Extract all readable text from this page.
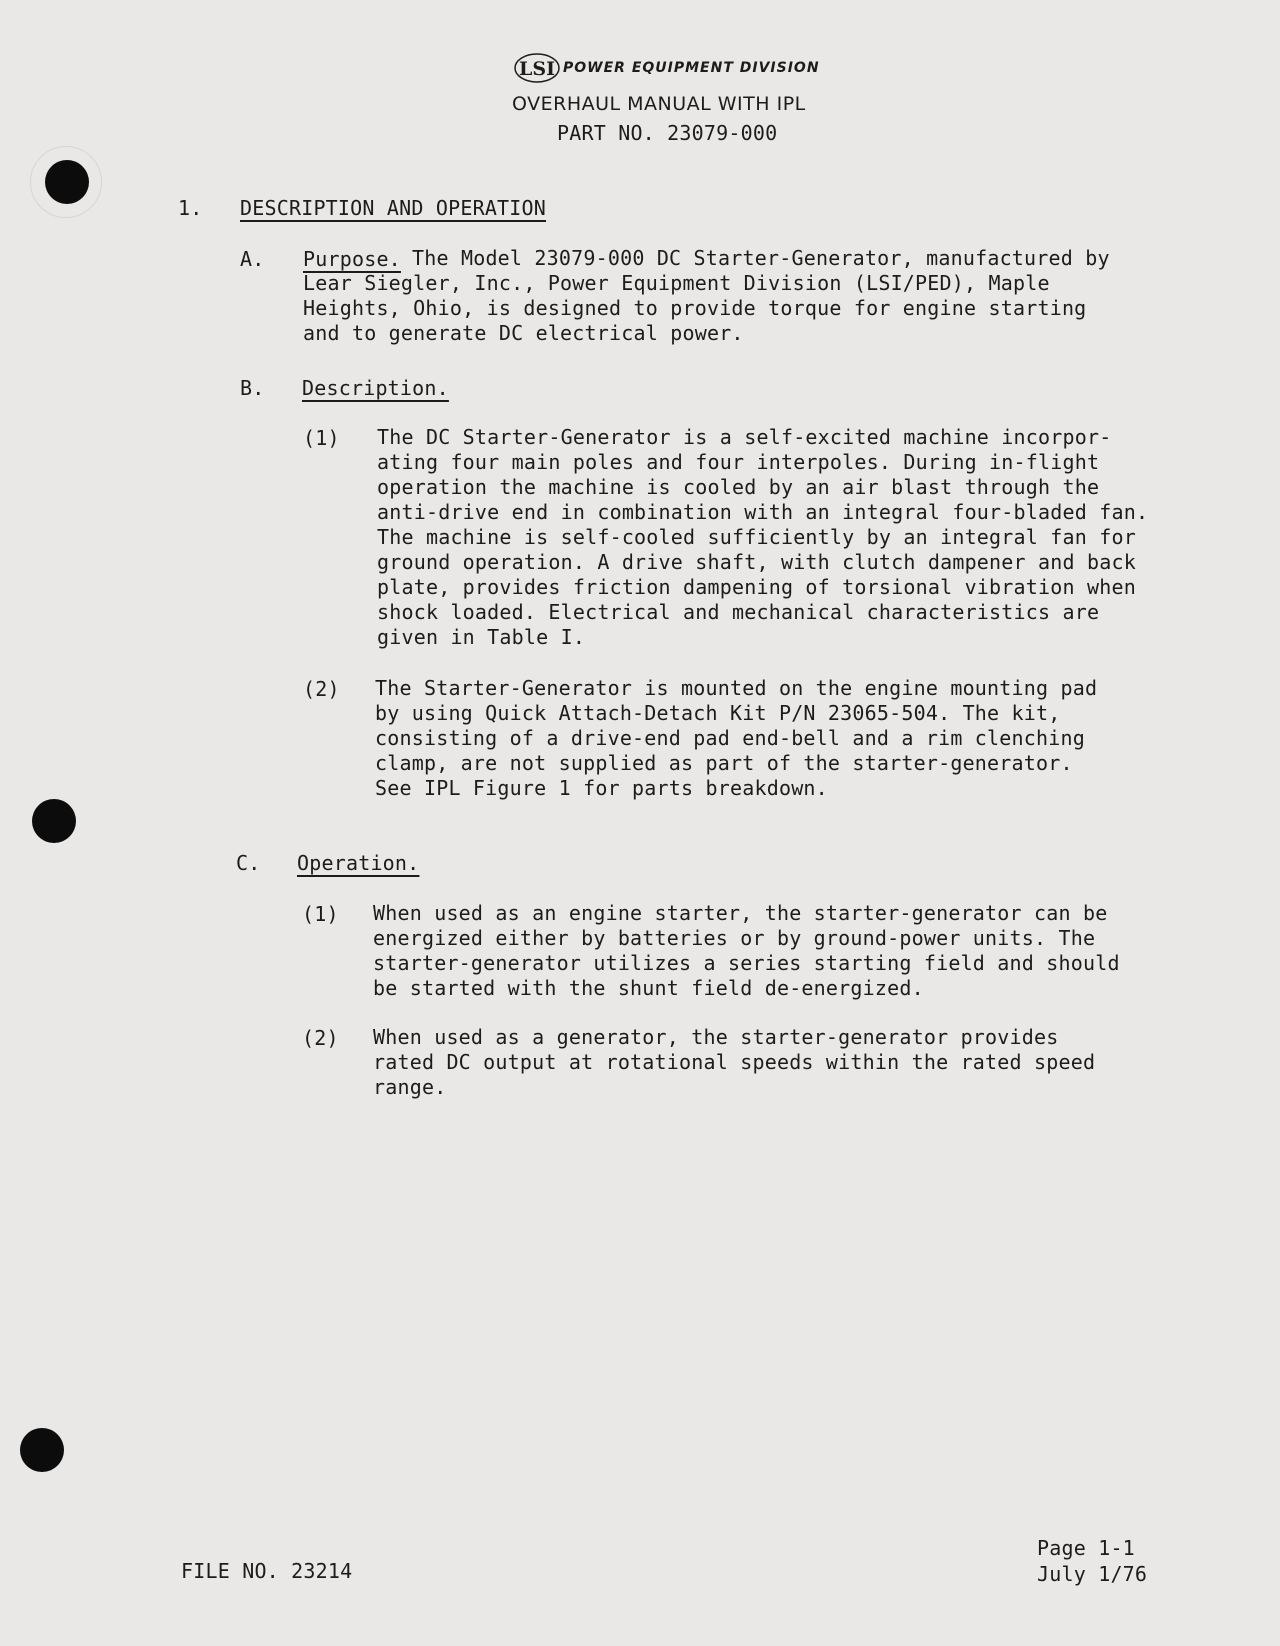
LSI POWER EQUIPMENT DIVISION
OVERHAUL MANUAL WITH IPL
PART NO. 23079-000
1. DESCRIPTION AND OPERATION
A. Purpose. The Model 23079-000 DC Starter-Generator, manufactured by Lear Siegler, Inc., Power Equipment Division (LSI/PED), Maple Heights, Ohio, is designed to provide torque for engine starting and to generate DC electrical power.
B. Description.
(1) The DC Starter-Generator is a self-excited machine incorpor-
ating four main poles and four interpoles. During in-flight
operation the machine is cooled by an air blast through the
anti-drive end in combination with an integral four-bladed fan.
The machine is self-cooled sufficiently by an integral fan for
ground operation. A drive shaft, with clutch dampener and back
plate, provides friction dampening of torsional vibration when
shock loaded. Electrical and mechanical characteristics are
given in Table I.
(2) The Starter-Generator is mounted on the engine mounting pad
by using Quick Attach-Detach Kit P/N 23065-504. The kit,
consisting of a drive-end pad end-bell and a rim clenching
clamp, are not supplied as part of the starter-generator.
See IPL Figure 1 for parts breakdown.
C. Operation.
(1) When used as an engine starter, the starter-generator can be
energized either by batteries or by ground-power units. The
starter-generator utilizes a series starting field and should
be started with the shunt field de-energized.
(2) When used as a generator, the starter-generator provides
rated DC output at rotational speeds within the rated speed
range.
FILE NO. 23214
Page 1-1
July 1/76
